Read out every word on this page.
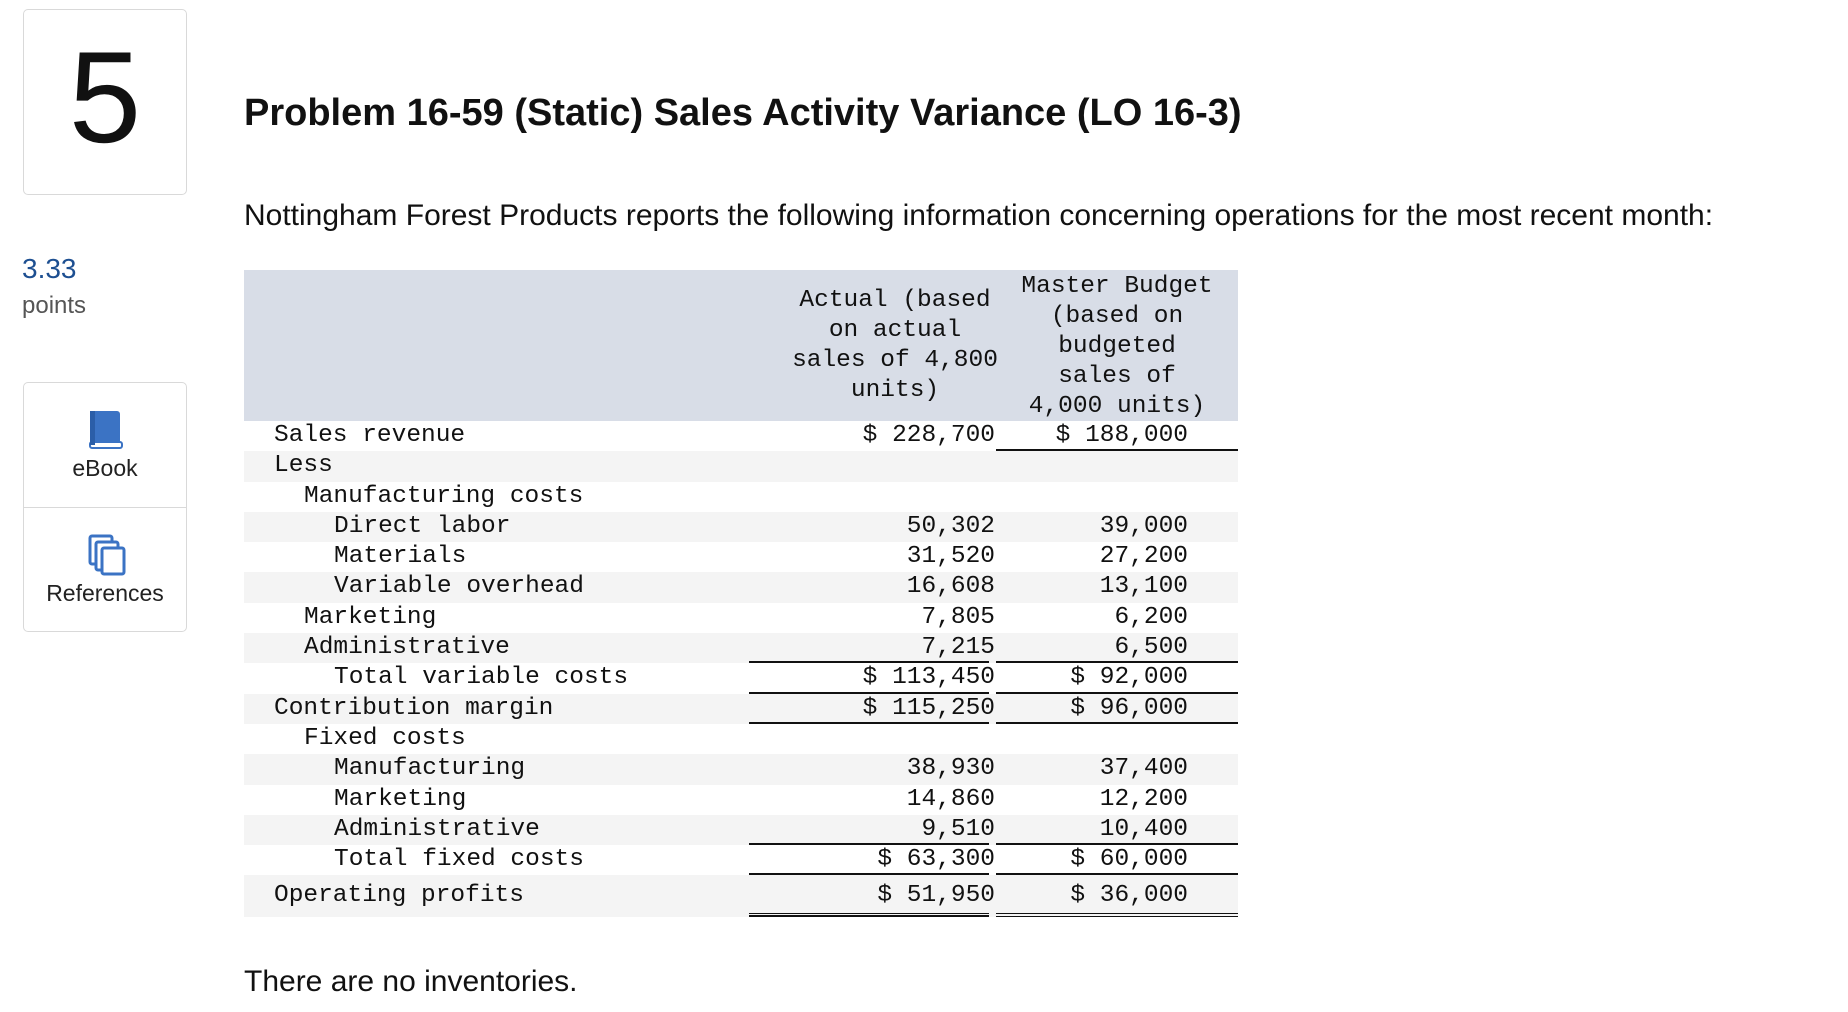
5
3.33
points
eBook
References
Problem 16-59 (Static) Sales Activity Variance (LO 16-3)
Nottingham Forest Products reports the following information concerning operations for the most recent month:
Actual (based
on actual
sales of 4,800
units)
Master Budget
(based on
budgeted
sales of
4,000 units)
Sales revenue	$ 228,700	$ 188,000
Less
Manufacturing costs
Direct labor	50,302	39,000
Materials	31,520	27,200
Variable overhead	16,608	13,100
Marketing	7,805	6,200
Administrative	7,215	6,500
Total variable costs	$ 113,450	$ 92,000
Contribution margin	$ 115,250	$ 96,000
Fixed costs
Manufacturing	38,930	37,400
Marketing	14,860	12,200
Administrative	9,510	10,400
Total fixed costs	$ 63,300	$ 60,000
Operating profits	$ 51,950	$ 36,000
There are no inventories.
